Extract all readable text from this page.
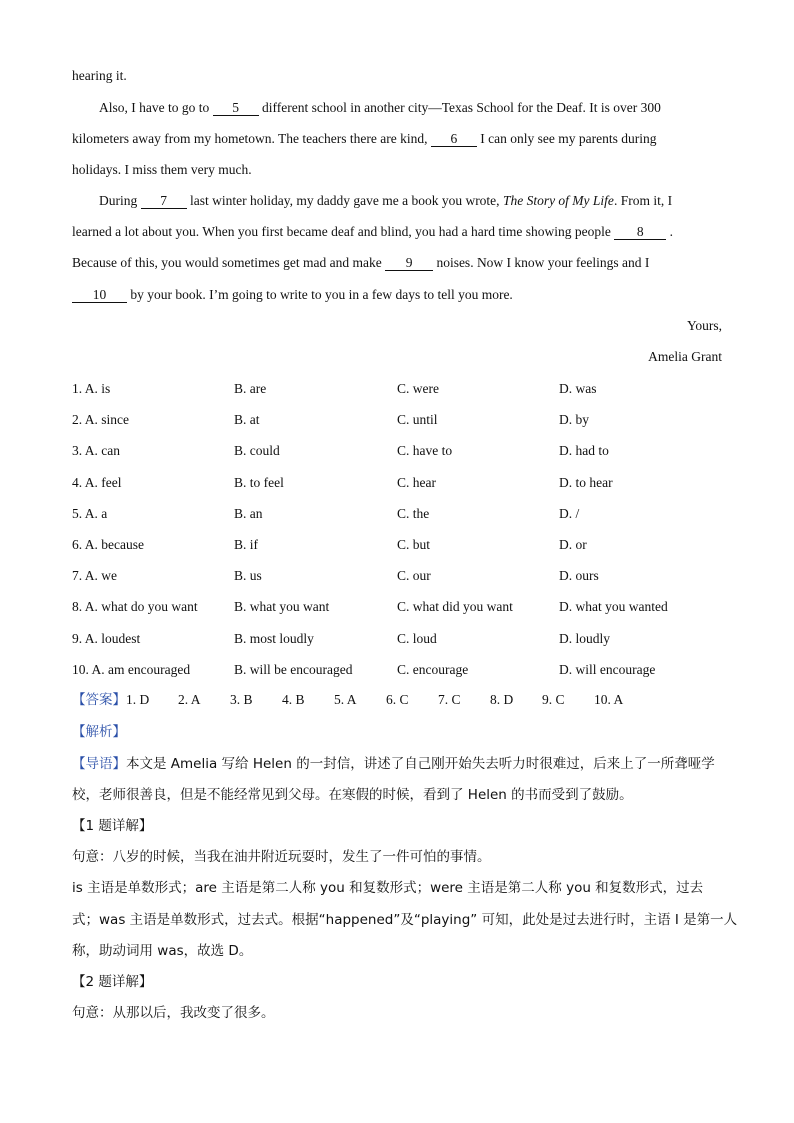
hearing it.
Also, I have to go to 5 different school in another city—Texas School for the Deaf. It is over 300
kilometers away from my hometown. The teachers there are kind, 6 I can only see my parents during
holidays. I miss them very much.
During 7 last winter holiday, my daddy gave me a book you wrote, The Story of My Life. From it, I
learned a lot about you. When you first became deaf and blind, you had a hard time showing people 8 .
Because of this, you would sometimes get mad and make 9 noises. Now I know your feelings and I
10 by your book. I’m going to write to you in a few days to tell you more.
Yours,
Amelia Grant
1. A. is	B. are	C. were	D. was
2. A. since	B. at	C. until	D. by
3. A. can	B. could	C. have to	D. had to
4. A. feel	B. to feel	C. hear	D. to hear
5. A. a	B. an	C. the	D. /
6. A. because	B. if	C. but	D. or
7. A. we	B. us	C. our	D. ours
8. A. what do you want	B. what you want	C. what did you want	D. what you wanted
9. A. loudest	B. most loudly	C. loud	D. loudly
10. A. am encouraged	B. will be encouraged	C. encourage	D. will encourage
【答案】1. D 2. A 3. B 4. B 5. A 6. C 7. C 8. D 9. C 10. A
【解析】
【导语】本文是 Amelia 写给 Helen 的一封信，讲述了自己刚开始失去听力时很难过，后来上了一所聋哑学
校，老师很善良，但是不能经常见到父母。在寒假的时候，看到了 Helen 的书而受到了鼓励。
【1 题详解】
句意：八岁的时候，当我在油井附近玩耍时，发生了一件可怕的事情。
is 主语是单数形式；are 主语是第二人称 you 和复数形式；were 主语是第二人称 you 和复数形式，过去
式；was 主语是单数形式，过去式。根据“happened”及“playing” 可知，此处是过去进行时，主语 I 是第一人
称，助动词用 was，故选 D。
【2 题详解】
句意：从那以后，我改变了很多。
